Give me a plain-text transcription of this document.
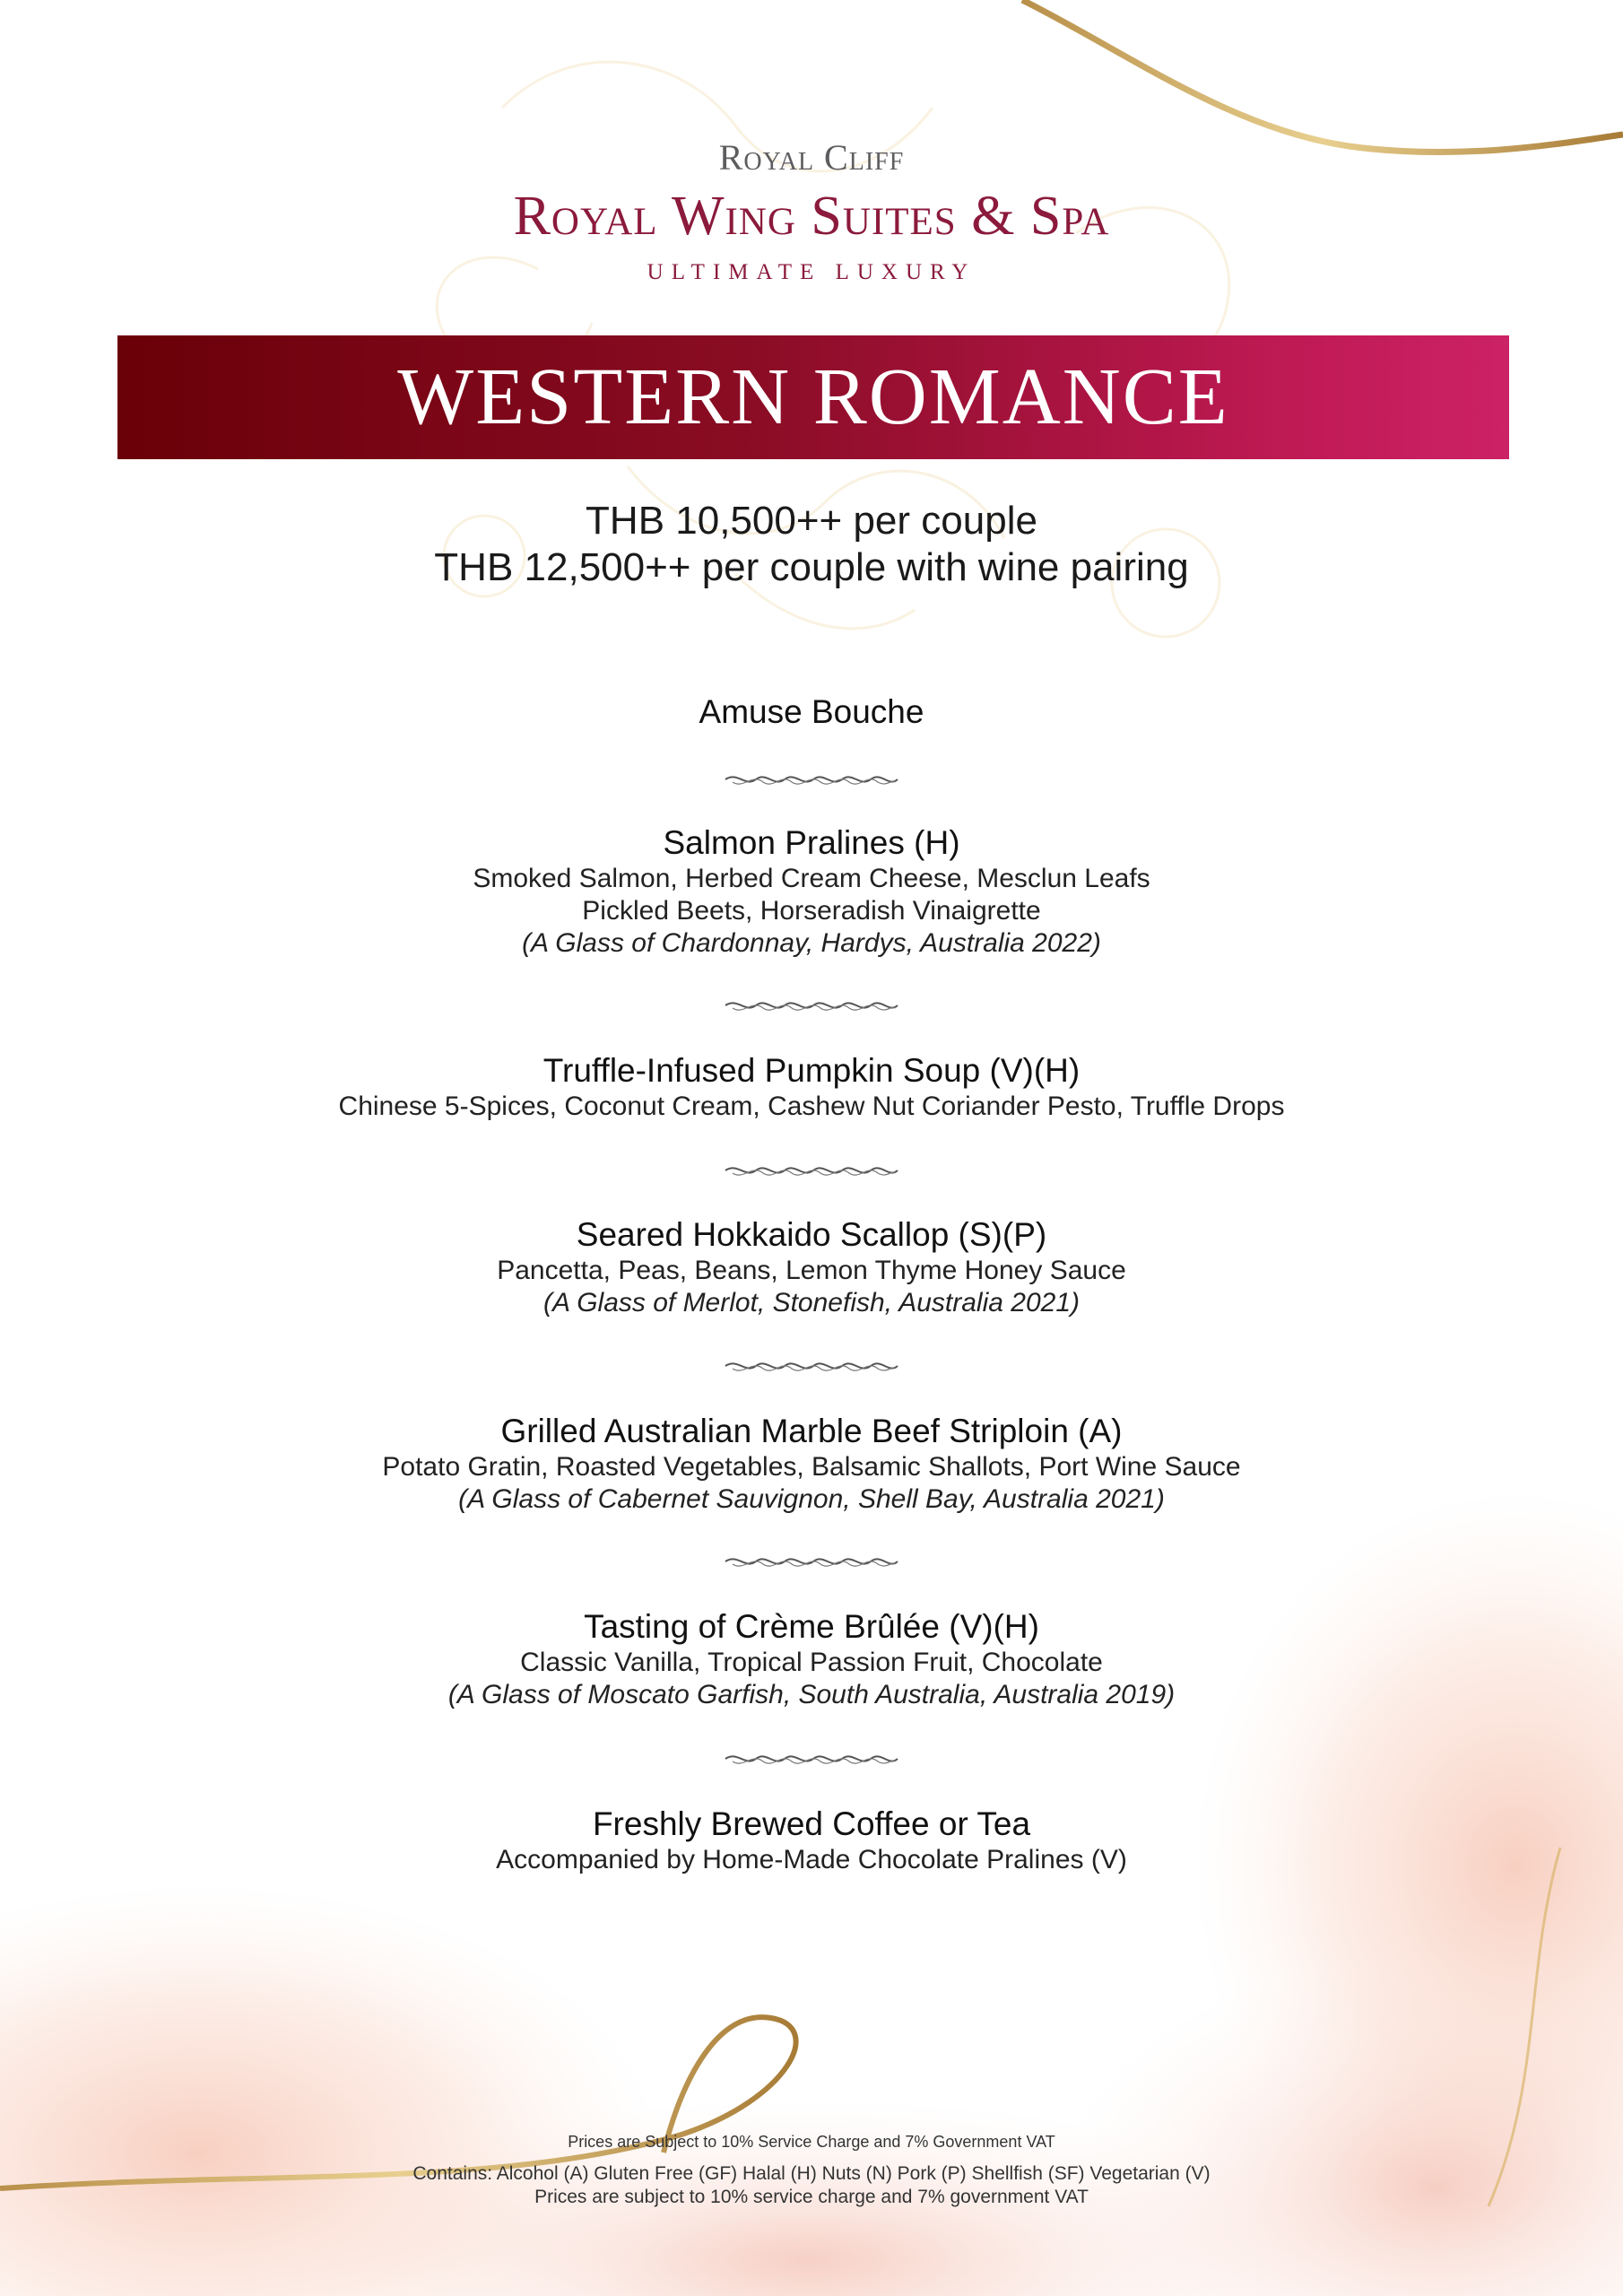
Royal Cliff
Royal Wing Suites & Spa
ULTIMATE LUXURY
WESTERN ROMANCE
THB 10,500++ per couple
THB 12,500++ per couple with wine pairing
Amuse Bouche
Salmon Pralines (H)
Smoked Salmon, Herbed Cream Cheese, Mesclun Leafs
Pickled Beets, Horseradish Vinaigrette
(A Glass of Chardonnay, Hardys, Australia 2022)
Truffle-Infused Pumpkin Soup (V)(H)
Chinese 5-Spices, Coconut Cream, Cashew Nut Coriander Pesto, Truffle Drops
Seared Hokkaido Scallop (S)(P)
Pancetta, Peas, Beans, Lemon Thyme Honey Sauce
(A Glass of Merlot, Stonefish, Australia 2021)
Grilled Australian Marble Beef Striploin (A)
Potato Gratin, Roasted Vegetables, Balsamic Shallots, Port Wine Sauce
(A Glass of Cabernet Sauvignon, Shell Bay, Australia 2021)
Tasting of Crème Brûlée (V)(H)
Classic Vanilla, Tropical Passion Fruit, Chocolate
(A Glass of Moscato Garfish, South Australia, Australia 2019)
Freshly Brewed Coffee or Tea
Accompanied by Home-Made Chocolate Pralines (V)
Prices are Subject to 10% Service Charge and 7% Government VAT
Contains: Alcohol (A) Gluten Free (GF) Halal (H) Nuts (N) Pork (P) Shellfish (SF) Vegetarian (V)
Prices are subject to 10% service charge and 7% government VAT
